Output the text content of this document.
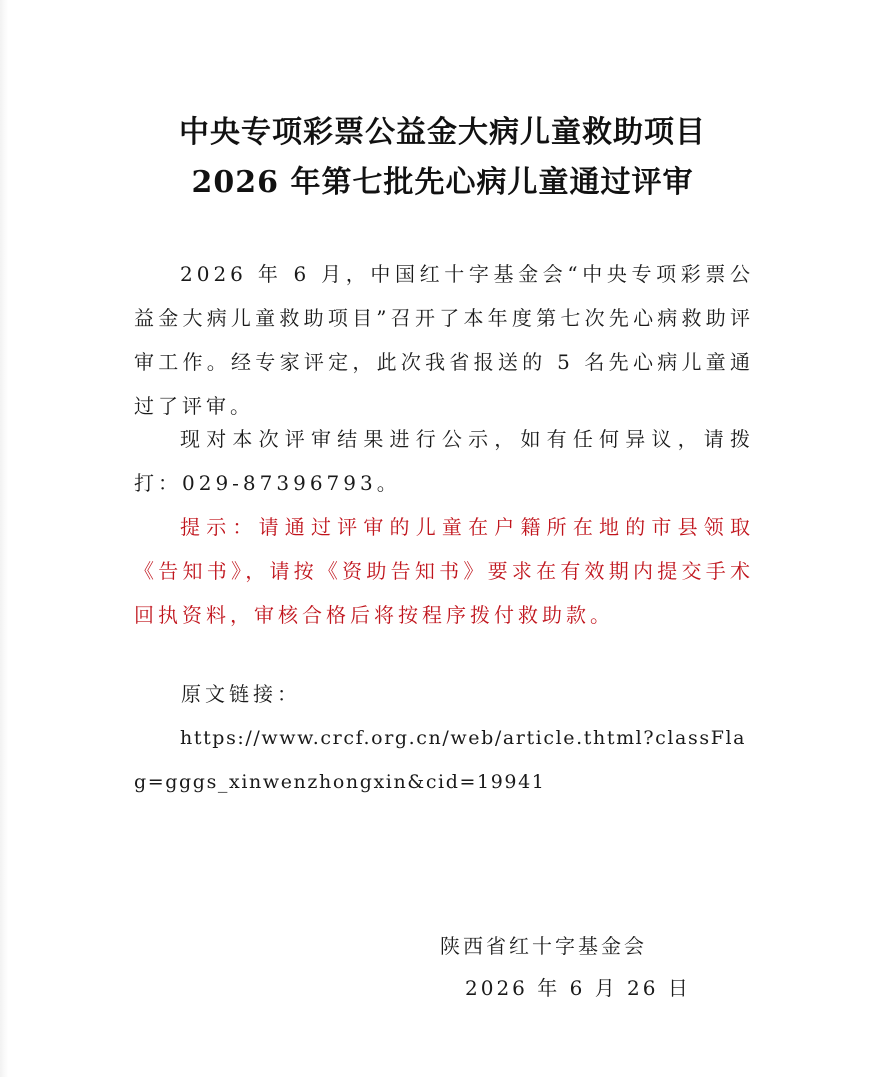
中央专项彩票公益金大病儿童救助项目
2026 年第七批先心病儿童通过评审

2026 年 6 月，中国红十字基金会“中央专项彩票公益金大病儿童救助项目”召开了本年度第七次先心病救助评审工作。经专家评定，此次我省报送的 5 名先心病儿童通过了评审。

现对本次评审结果进行公示，如有任何异议，请拨打：029-87396793。

提示：请通过评审的儿童在户籍所在地的市县领取《告知书》，请按《资助告知书》要求在有效期内提交手术回执资料，审核合格后将按程序拨付救助款。

原文链接：
https://www.crcf.org.cn/web/article.thtml?classFlag=gggs_xinwenzhongxin&cid=19941
陕西省红十字基金会
2026 年 6 月 26 日
